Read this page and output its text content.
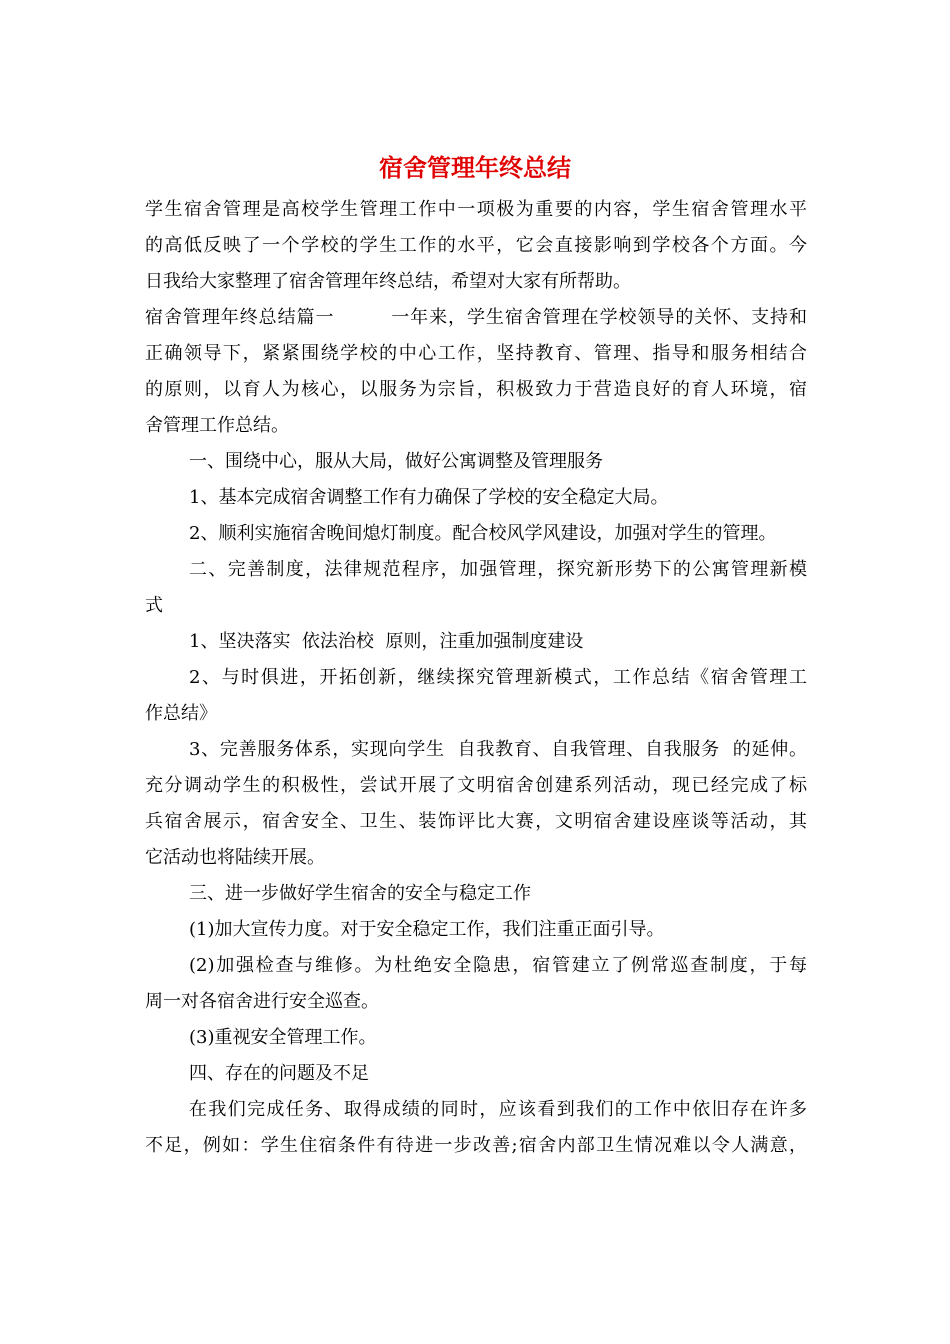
宿舍管理年终总结
学生宿舍管理是高校学生管理工作中一项极为重要的内容，学生宿舍管理水平
的高低反映了一个学校的学生工作的水平，它会直接影响到学校各个方面。今
日我给大家整理了宿舍管理年终总结，希望对大家有所帮助。
宿舍管理年终总结篇一　　　一年来，学生宿舍管理在学校领导的关怀、支持和
正确领导下，紧紧围绕学校的中心工作，坚持教育、管理、指导和服务相结合
的原则，以育人为核心，以服务为宗旨，积极致力于营造良好的育人环境，宿
舍管理工作总结。
一、围绕中心，服从大局，做好公寓调整及管理服务
1、基本完成宿舍调整工作有力确保了学校的安全稳定大局。
2、顺利实施宿舍晚间熄灯制度。配合校风学风建设，加强对学生的管理。
二、完善制度，法律规范程序，加强管理，探究新形势下的公寓管理新模
式
1、坚决落实  依法治校  原则，注重加强制度建设
2、与时俱进，开拓创新，继续探究管理新模式，工作总结《宿舍管理工
作总结》
3、完善服务体系，实现向学生  自我教育、自我管理、自我服务  的延伸。
充分调动学生的积极性，尝试开展了文明宿舍创建系列活动，现已经完成了标
兵宿舍展示，宿舍安全、卫生、装饰评比大赛，文明宿舍建设座谈等活动，其
它活动也将陆续开展。
三、进一步做好学生宿舍的安全与稳定工作
(1)加大宣传力度。对于安全稳定工作，我们注重正面引导。
(2)加强检查与维修。为杜绝安全隐患，宿管建立了例常巡查制度，于每
周一对各宿舍进行安全巡查。
(3)重视安全管理工作。
四、存在的问题及不足
在我们完成任务、取得成绩的同时，应该看到我们的工作中依旧存在许多
不足，例如：学生住宿条件有待进一步改善;宿舍内部卫生情况难以令人满意，
